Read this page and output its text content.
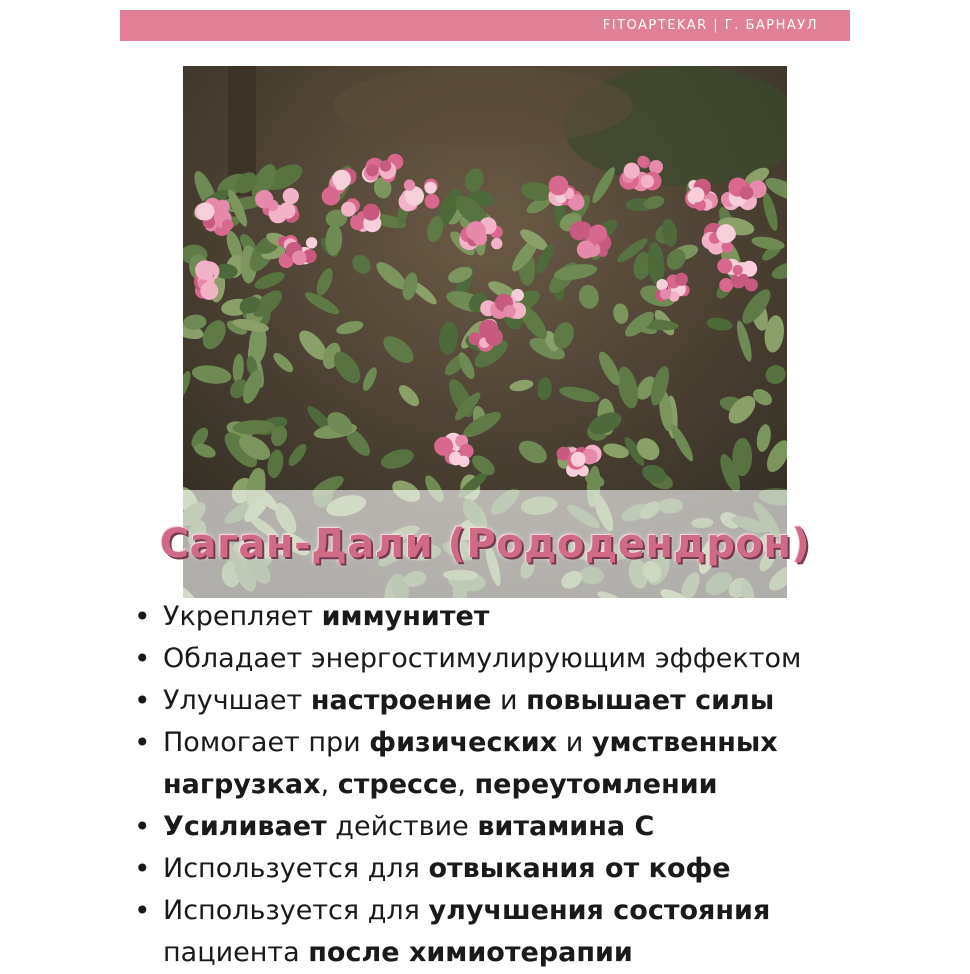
FITOAPTEKAR | Г. БАРНАУЛ
Саган-Дали (Рододендрон)
• Укрепляет иммунитет
• Обладает энергостимулирующим эффектом
• Улучшает настроение и повышает силы
• Помогает при физических и умственных
нагрузках, стрессе, переутомлении
• Усиливает действие витамина С
• Используется для отвыкания от кофе
• Используется для улучшения состояния
пациента после химиотерапии
